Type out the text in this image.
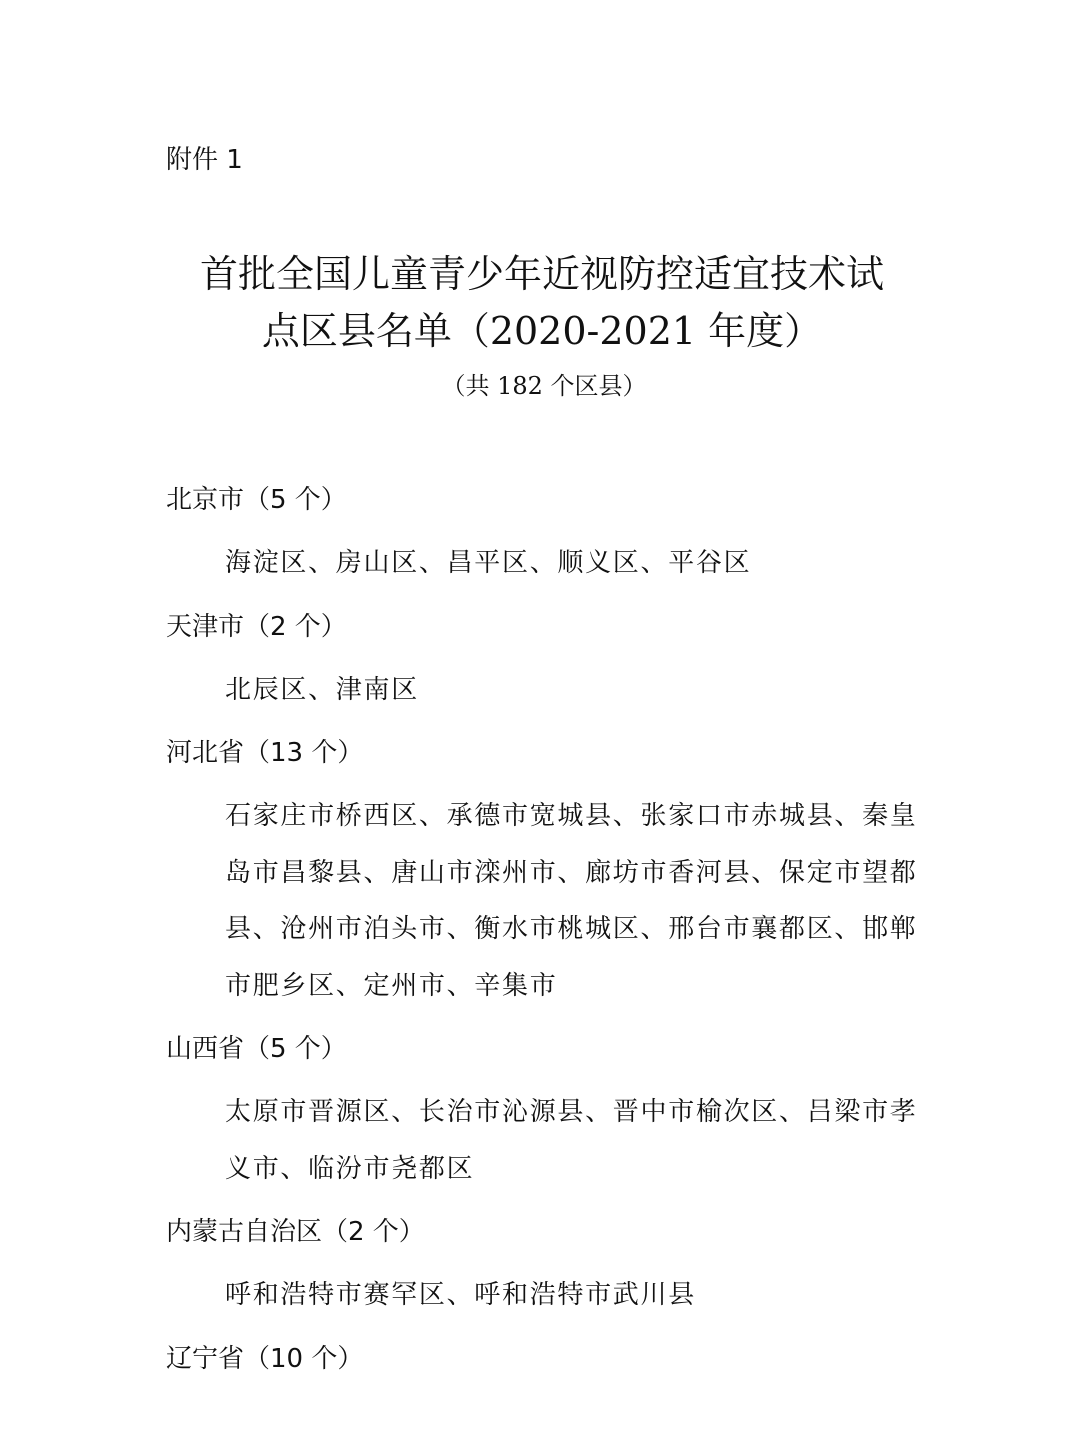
附件 1
首批全国儿童青少年近视防控适宜技术试
点区县名单（2020-2021 年度）
（共 182 个区县）
北京市（5 个）
海淀区、房山区、昌平区、顺义区、平谷区
天津市（2 个）
北辰区、津南区
河北省（13 个）
石家庄市桥西区、承德市宽城县、张家口市赤城县、秦皇岛市昌黎县、唐山市滦州市、廊坊市香河县、保定市望都县、沧州市泊头市、衡水市桃城区、邢台市襄都区、邯郸市肥乡区、定州市、辛集市
山西省（5 个）
太原市晋源区、长治市沁源县、晋中市榆次区、吕梁市孝义市、临汾市尧都区
内蒙古自治区（2 个）
呼和浩特市赛罕区、呼和浩特市武川县
辽宁省（10 个）
